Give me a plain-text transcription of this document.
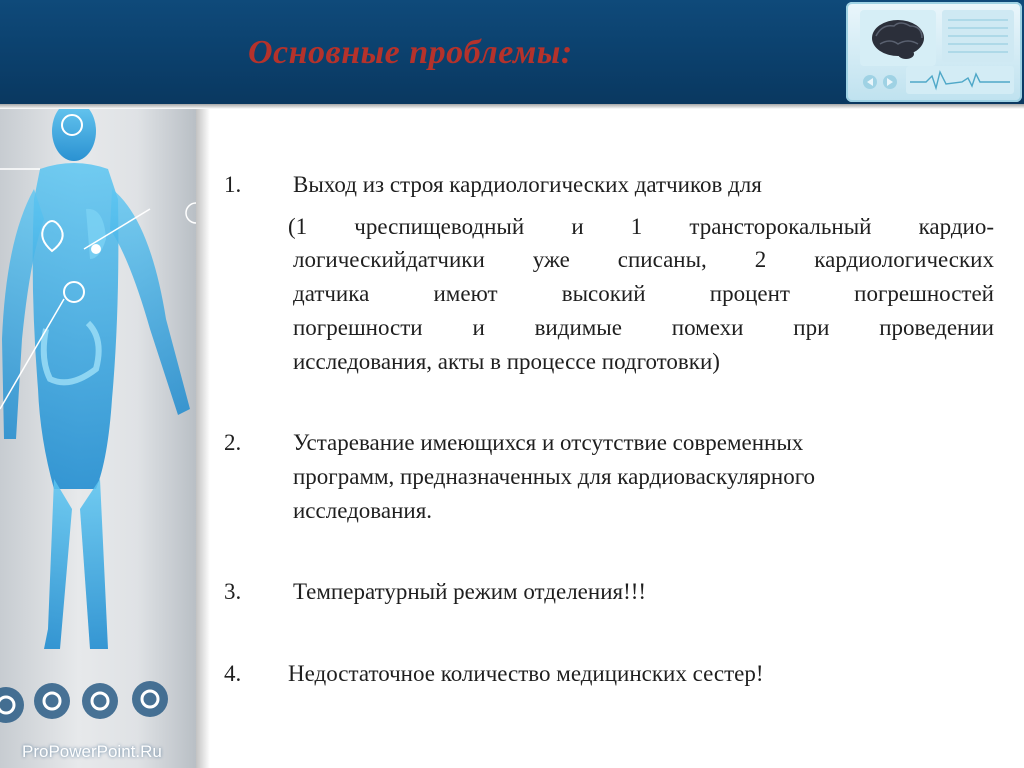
Основные проблемы:
ProPowerPoint.Ru
1. Выход из строя кардиологических датчиков для
(1 чреспищеводный и 1 трансторокальный кардио-
логическийдатчики уже списаны, 2 кардиологических
датчика имеют высокий процент погрешностей
погрешности и видимые помехи при проведении
исследования, акты в процессе подготовки)
2. Устаревание имеющихся и отсутствие современных
программ, предназначенных для кардиоваскулярного
исследования.
3. Температурный режим отделения!!!
4. Недостаточное количество медицинских сестер!
